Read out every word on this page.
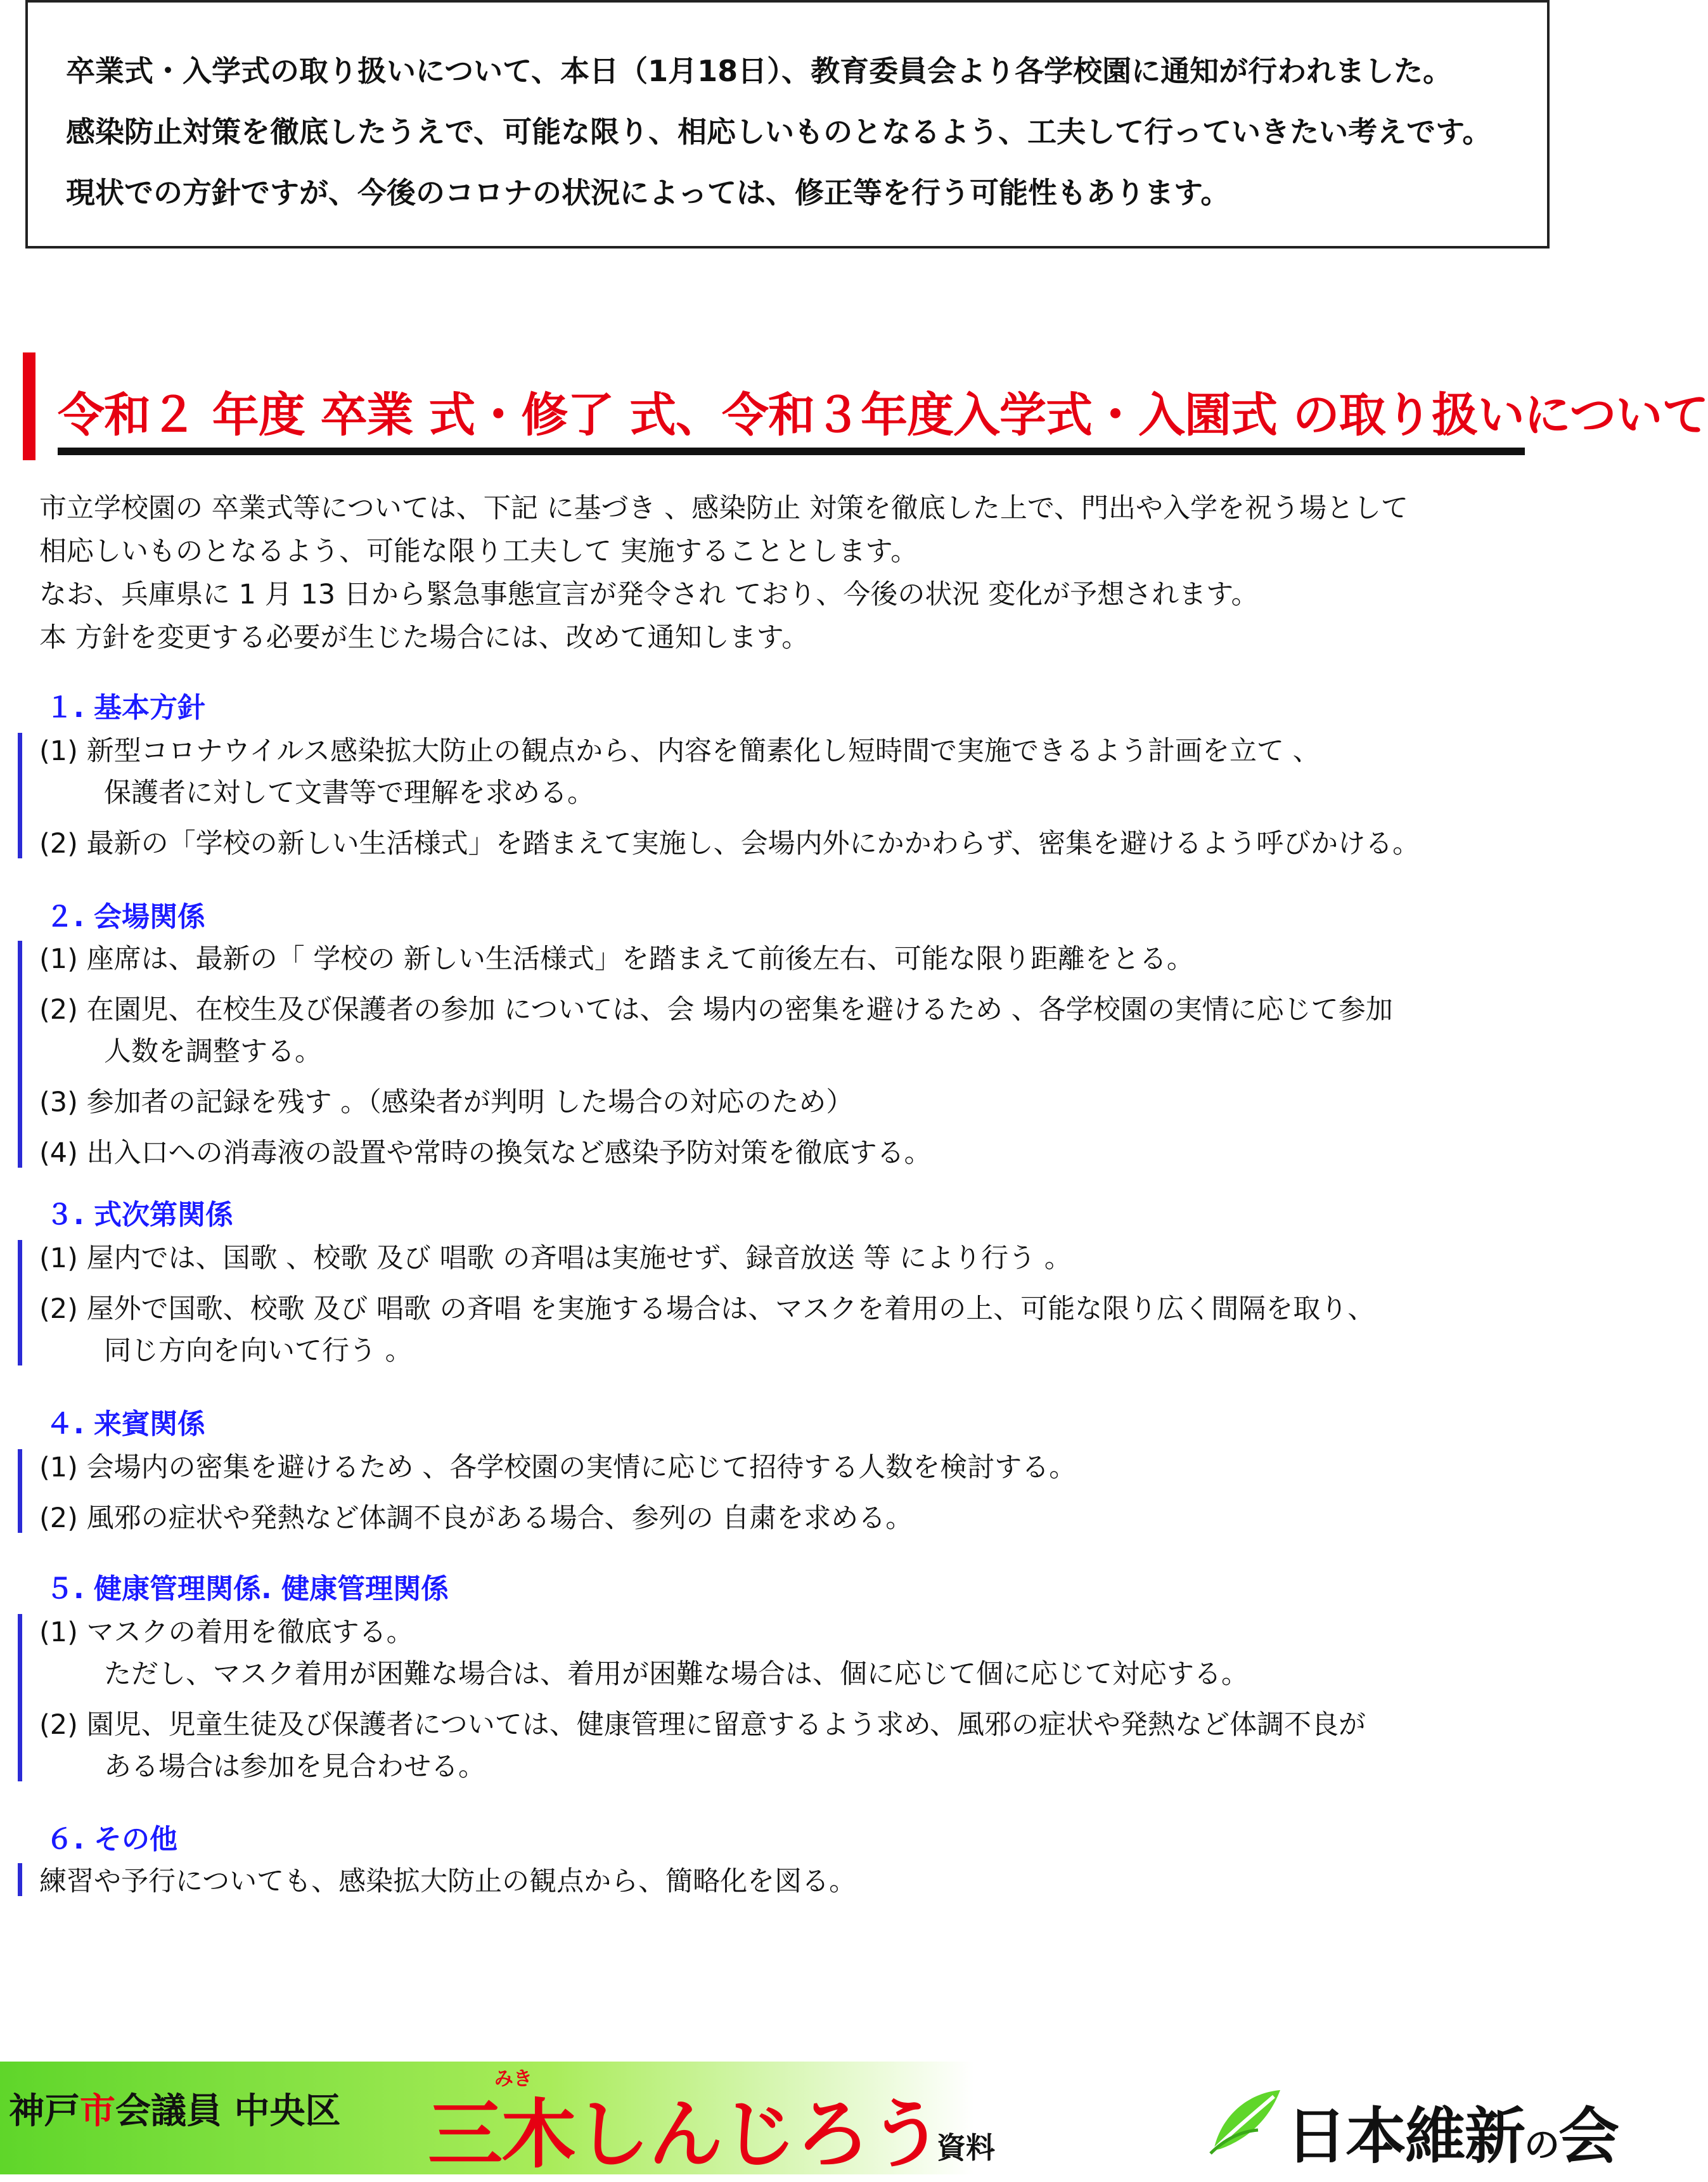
卒業式・入学式の取り扱いについて、本日（1月18日）、教育委員会より各学校園に通知が行われました。
感染防止対策を徹底したうえで、可能な限り、相応しいものとなるよう、工夫して行っていきたい考えです。
現状での方針ですが、今後のコロナの状況によっては、修正等を行う可能性もあります。
令和２ 年度 卒業 式・修了 式、令和３年度入学式・入園式 の取り扱いについて
市立学校園の 卒業式等については、下記 に基づき 、感染防止 対策を徹底した上で、門出や入学を祝う場として
相応しいものとなるよう、可能な限り工夫して 実施することとします。
なお、兵庫県に 1 月 13 日から緊急事態宣言が発令され ており、今後の状況 変化が予想されます。
本 方針を変更する必要が生じた場合には、改めて通知します。
１. 基本方針
(1) 新型コロナウイルス感染拡大防止の観点から、内容を簡素化し短時間で実施できるよう計画を立て 、
保護者に対して文書等で理解を求める。
(2) 最新の「学校の新しい生活様式」を踏まえて実施し、会場内外にかかわらず、密集を避けるよう呼びかける。
２. 会場関係
(1) 座席は、最新の「 学校の 新しい生活様式」を踏まえて前後左右、可能な限り距離をとる。
(2) 在園児、在校生及び保護者の参加 については、会 場内の密集を避けるため 、各学校園の実情に応じて参加
人数を調整する。
(3) 参加者の記録を残す 。（感染者が判明 した場合の対応のため）
(4) 出入口への消毒液の設置や常時の換気など感染予防対策を徹底する。
３. 式次第関係
(1) 屋内では、国歌 、校歌 及び 唱歌 の斉唱は実施せず、録音放送 等 により行う 。
(2) 屋外で国歌、校歌 及び 唱歌 の斉唱 を実施する場合は、マスクを着用の上、可能な限り広く間隔を取り、
同じ方向を向いて行う 。
４. 来賓関係
(1) 会場内の密集を避けるため 、各学校園の実情に応じて招待する人数を検討する。
(2) 風邪の症状や発熱など体調不良がある場合、参列の 自粛を求める。
５. 健康管理関係. 健康管理関係
(1) マスクの着用を徹底する。
ただし、マスク着用が困難な場合は、着用が困難な場合は、個に応じて個に応じて対応する。
(2) 園児、児童生徒及び保護者については、健康管理に留意するよう求め、風邪の症状や発熱など体調不良が
ある場合は参加を見合わせる。
６. その他
練習や予行についても、感染拡大防止の観点から、簡略化を図る。
神戸市会議員 中央区
みき
三木しんじろう
資料	日本維新の会
